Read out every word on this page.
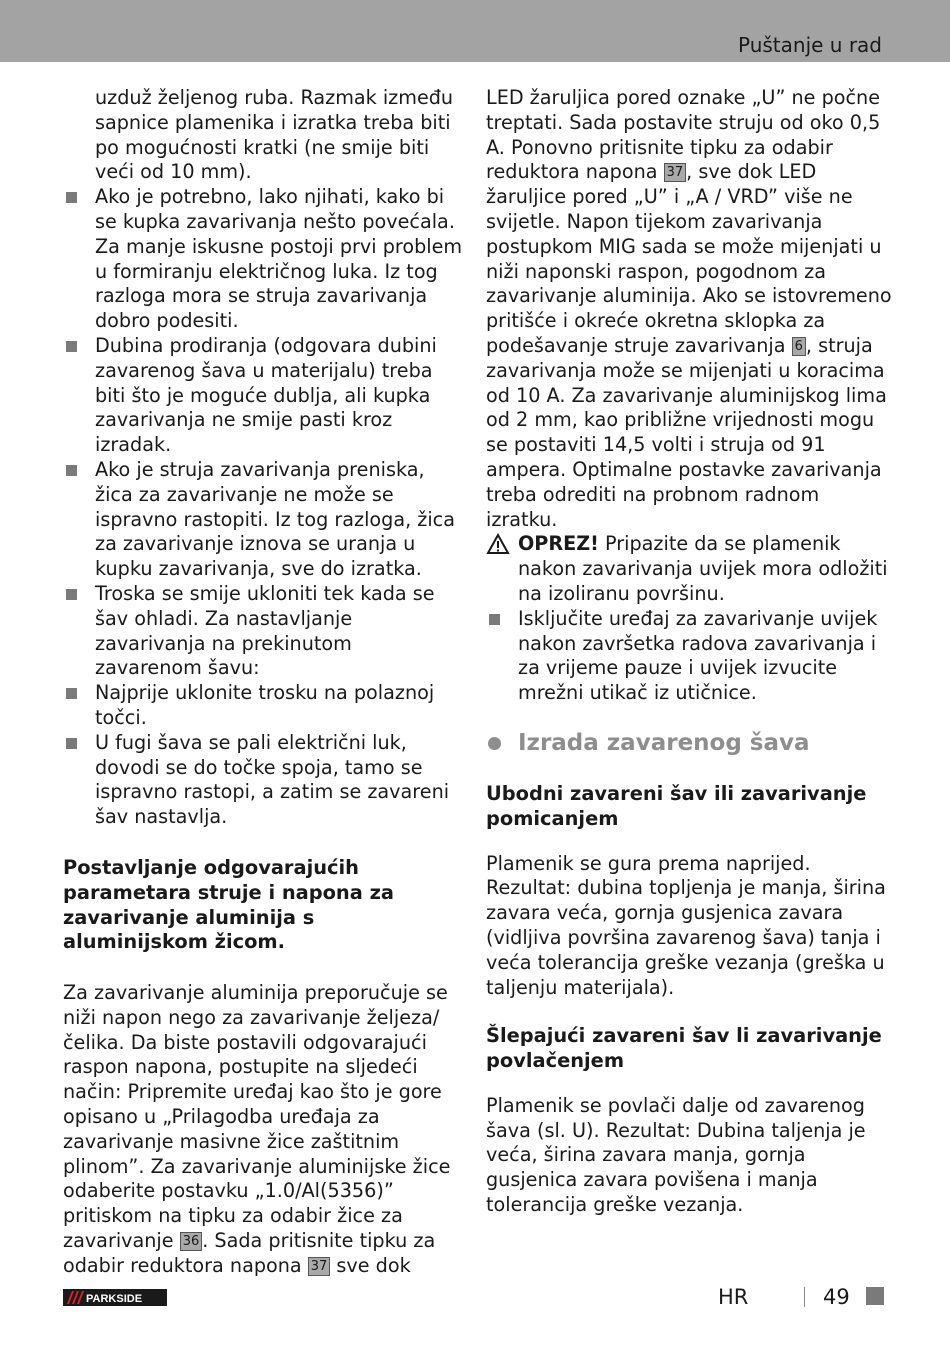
Puštanje u rad

uzduž željenog ruba. Razmak između sapnice plamenika i izratka treba biti po mogućnosti kratki (ne smije biti veći od 10 mm).

Ako je potrebno, lako njihati, kako bi se kupka zavarivanja nešto povećala. Za manje iskusne postoji prvi problem u formiranju električnog luka. Iz tog razloga mora se struja zavarivanja dobro podesiti.
Dubina prodiranja (odgovara dubini zavarenog šava u materijalu) treba biti što je moguće dublja, ali kupka zavarivanja ne smije pasti kroz izradak.
Ako je struja zavarivanja preniska, žica za zavarivanje ne može se ispravno rastopiti. Iz tog razloga, žica za zavarivanje iznova se uranja u kupku zavarivanja, sve do izratka.
Troska se smije ukloniti tek kada se šav ohladi. Za nastavljanje zavarivanja na prekinutom zavarenom šavu:
Najprije uklonite trosku na polaznoj točci.
U fugi šava se pali električni luk, dovodi se do točke spoja, tamo se ispravno rastopi, a zatim se zavareni šav nastavlja.

Postavljanje odgovarajućih parametara struje i napona za zavarivanje aluminija s aluminijskom žicom.

Za zavarivanje aluminija preporučuje se niži napon nego za zavarivanje željeza/čelika. Da biste postavili odgovarajući raspon napona, postupite na sljedeći način: Pripremite uređaj kao što je gore opisano u „Prilagodba uređaja za zavarivanje masivne žice zaštitnim plinom”. Za zavarivanje aluminijske žice odaberite postavku „1.0/Al(5356)” pritiskom na tipku za odabir žice za zavarivanje 36 . Sada pritisnite tipku za odabir reduktora napona 37 sve dok

LED žaruljica pored oznake „U” ne počne treptati. Sada postavite struju od oko 0,5 A. Ponovno pritisnite tipku za odabir reduktora napona 37 , sve dok LED žaruljice pored „U” i „A / VRD” više ne svijetle. Napon tijekom zavarivanja postupkom MIG sada se može mijenjati u niži naponski raspon, pogodnom za zavarivanje aluminija. Ako se istovremeno pritišće i okreće okretna sklopka za podešavanje struje zavarivanja 6 , struja zavarivanja može se mijenjati u koracima od 10 A. Za zavarivanje aluminijskog lima od 2 mm, kao približne vrijednosti mogu se postaviti 14,5 volti i struja od 91 ampera. Optimalne postavke zavarivanja treba odrediti na probnom radnom izratku.

OPREZ! Pripazite da se plamenik nakon zavarivanja uvijek mora odložiti na izoliranu površinu.
Isključite uređaj za zavarivanje uvijek nakon završetka radova zavarivanja i za vrijeme pauze i uvijek izvucite mrežni utikač iz utičnice.
Izrada zavarenog šava

Ubodni zavareni šav ili zavarivanje pomicanjem

Plamenik se gura prema naprijed. Rezultat: dubina topljenja je manja, širina zavara veća, gornja gusjenica zavara (vidljiva površina zavarenog šava) tanja i veća tolerancija greške vezanja (greška u taljenju materijala).

Šlepajući zavareni šav li zavarivanje povlačenjem

Plamenik se povlači dalje od zavarenog šava (sl. U). Rezultat: Dubina taljenja je veća, širina zavara manja, gornja gusjenica zavara povišena i manja tolerancija greške vezanja.

PARKSIDE	HR	49
